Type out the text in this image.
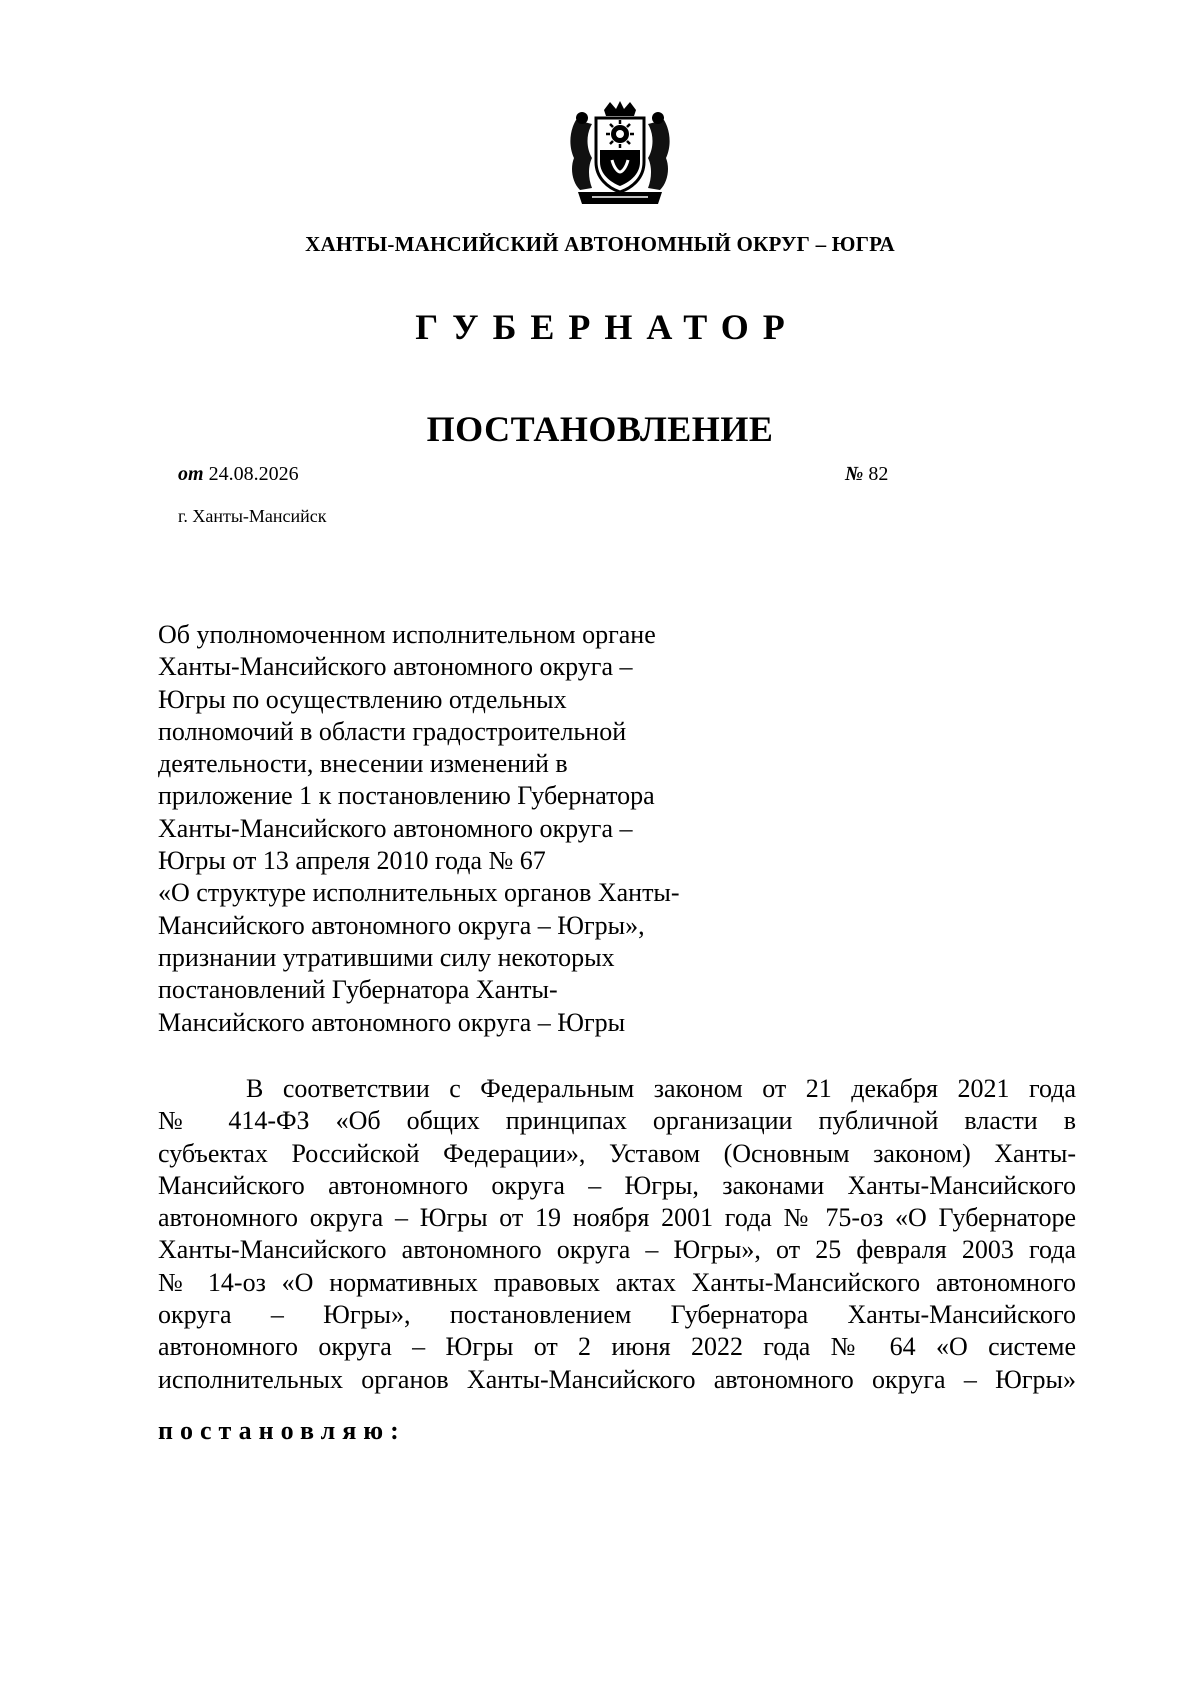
ХАНТЫ-МАНСИЙСКИЙ АВТОНОМНЫЙ ОКРУГ – ЮГРА
ГУБЕРНАТОР
ПОСТАНОВЛЕНИЕ
от 24.08.2026	№ 82
г. Ханты-Мансийск
Об уполномоченном исполнительном органе
Ханты-Мансийского автономного округа –
Югры по осуществлению отдельных
полномочий в области градостроительной
деятельности, внесении изменений в
приложение 1 к постановлению Губернатора
Ханты-Мансийского автономного округа –
Югры от 13 апреля 2010 года № 67
«О структуре исполнительных органов Ханты-
Мансийского автономного округа – Югры»,
признании утратившими силу некоторых
постановлений Губернатора Ханты-
Мансийского автономного округа – Югры
В соответствии с Федеральным законом от 21 декабря 2021 года
№ 414-ФЗ «Об общих принципах организации публичной власти в
субъектах Российской Федерации», Уставом (Основным законом) Ханты-
Мансийского автономного округа – Югры, законами Ханты-Мансийского
автономного округа – Югры от 19 ноября 2001 года № 75-оз «О Губернаторе
Ханты-Мансийского автономного округа – Югры», от 25 февраля 2003 года
№ 14-оз «О нормативных правовых актах Ханты-Мансийского автономного
округа – Югры», постановлением Губернатора Ханты-Мансийского
автономного округа – Югры от 2 июня 2022 года № 64 «О системе
исполнительных органов Ханты-Мансийского автономного округа – Югры»
постановляю:
